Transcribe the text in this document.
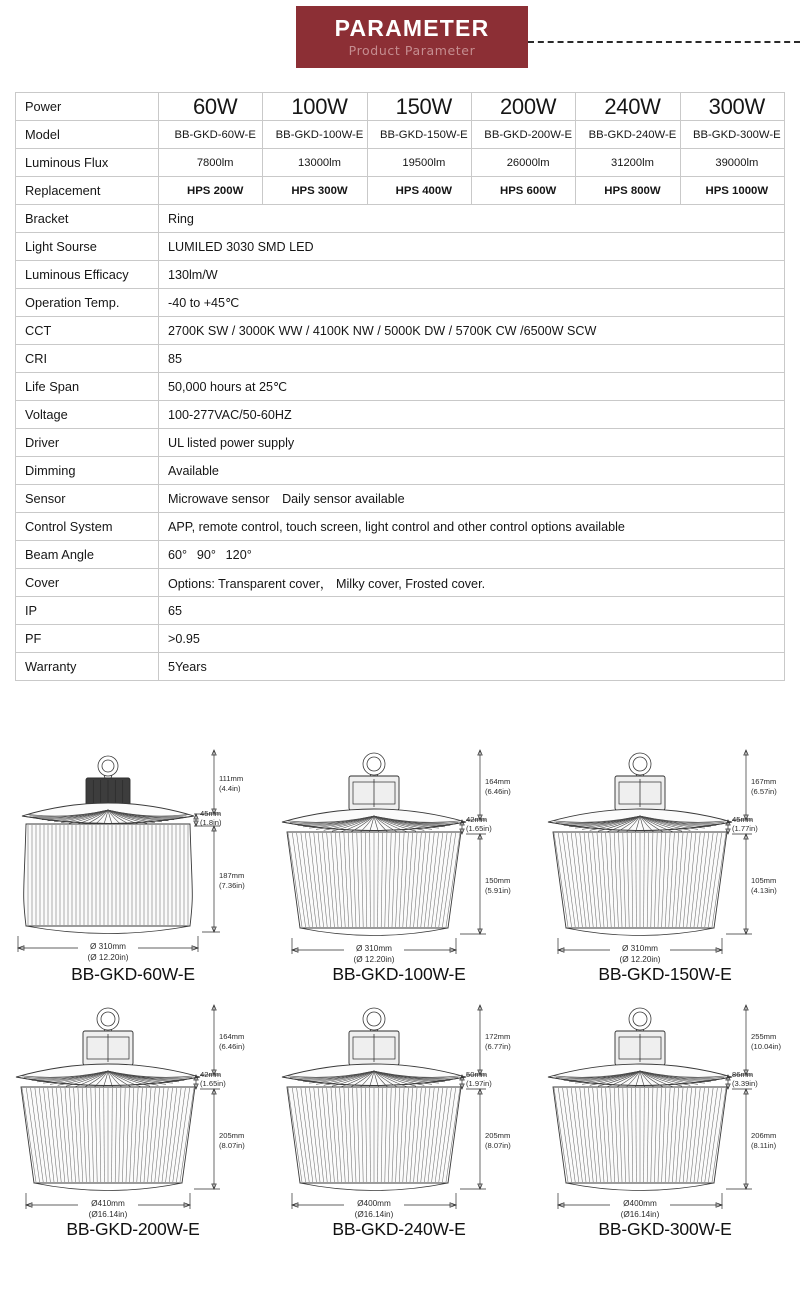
PARAMETER
Product Parameter
Power	60W	100W	150W	200W	240W	300W
Model	BB-GKD-60W-E	BB-GKD-100W-E	BB-GKD-150W-E	BB-GKD-200W-E	BB-GKD-240W-E	BB-GKD-300W-E
Luminous Flux	7800lm	13000lm	19500lm	26000lm	31200lm	39000lm
Replacement	HPS 200W	HPS 300W	HPS 400W	HPS 600W	HPS 800W	HPS 1000W
Bracket	Ring					
Light Sourse	LUMILED 3030 SMD LED					
Luminous Efficacy	130lm/W					
Operation Temp.	-40 to +45℃					
CCT	2700K SW / 3000K WW / 4100K NW / 5000K DW / 5700K CW /6500W SCW					
CRI	85					
Life Span	50,000 hours at 25℃					
Voltage	100-277VAC/50-60HZ					
Driver	UL listed power supply					
Dimming	Available					
Sensor	Microwave sensor Daily sensor available					
Control System	APP, remote control, touch screen, light control and other control options available					
Beam Angle	60°  90°  120°					
Cover	Options: Transparent cover， Milky cover, Frosted cover.					
IP	65					
PF	>0.95					
Warranty	5Years					
111mm
(4.4in)
45mm
(1.8in)
187mm
(7.36in)
Ø 310mm
(Ø 12.20in)
BB-GKD-60W-E
164mm
(6.46in)
42mm
(1.65in)
150mm
(5.91in)
Ø 310mm
(Ø 12.20in)
BB-GKD-100W-E
167mm
(6.57in)
45mm
(1.77in)
105mm
(4.13in)
Ø 310mm
(Ø 12.20in)
BB-GKD-150W-E
164mm
(6.46in)
42mm
(1.65in)
205mm
(8.07in)
Ø410mm
(Ø16.14in)
BB-GKD-200W-E
172mm
(6.77in)
50mm
(1.97in)
205mm
(8.07in)
Ø400mm
(Ø16.14in)
BB-GKD-240W-E
255mm
(10.04in)
86mm
(3.39in)
206mm
(8.11in)
Ø400mm
(Ø16.14in)
BB-GKD-300W-E
